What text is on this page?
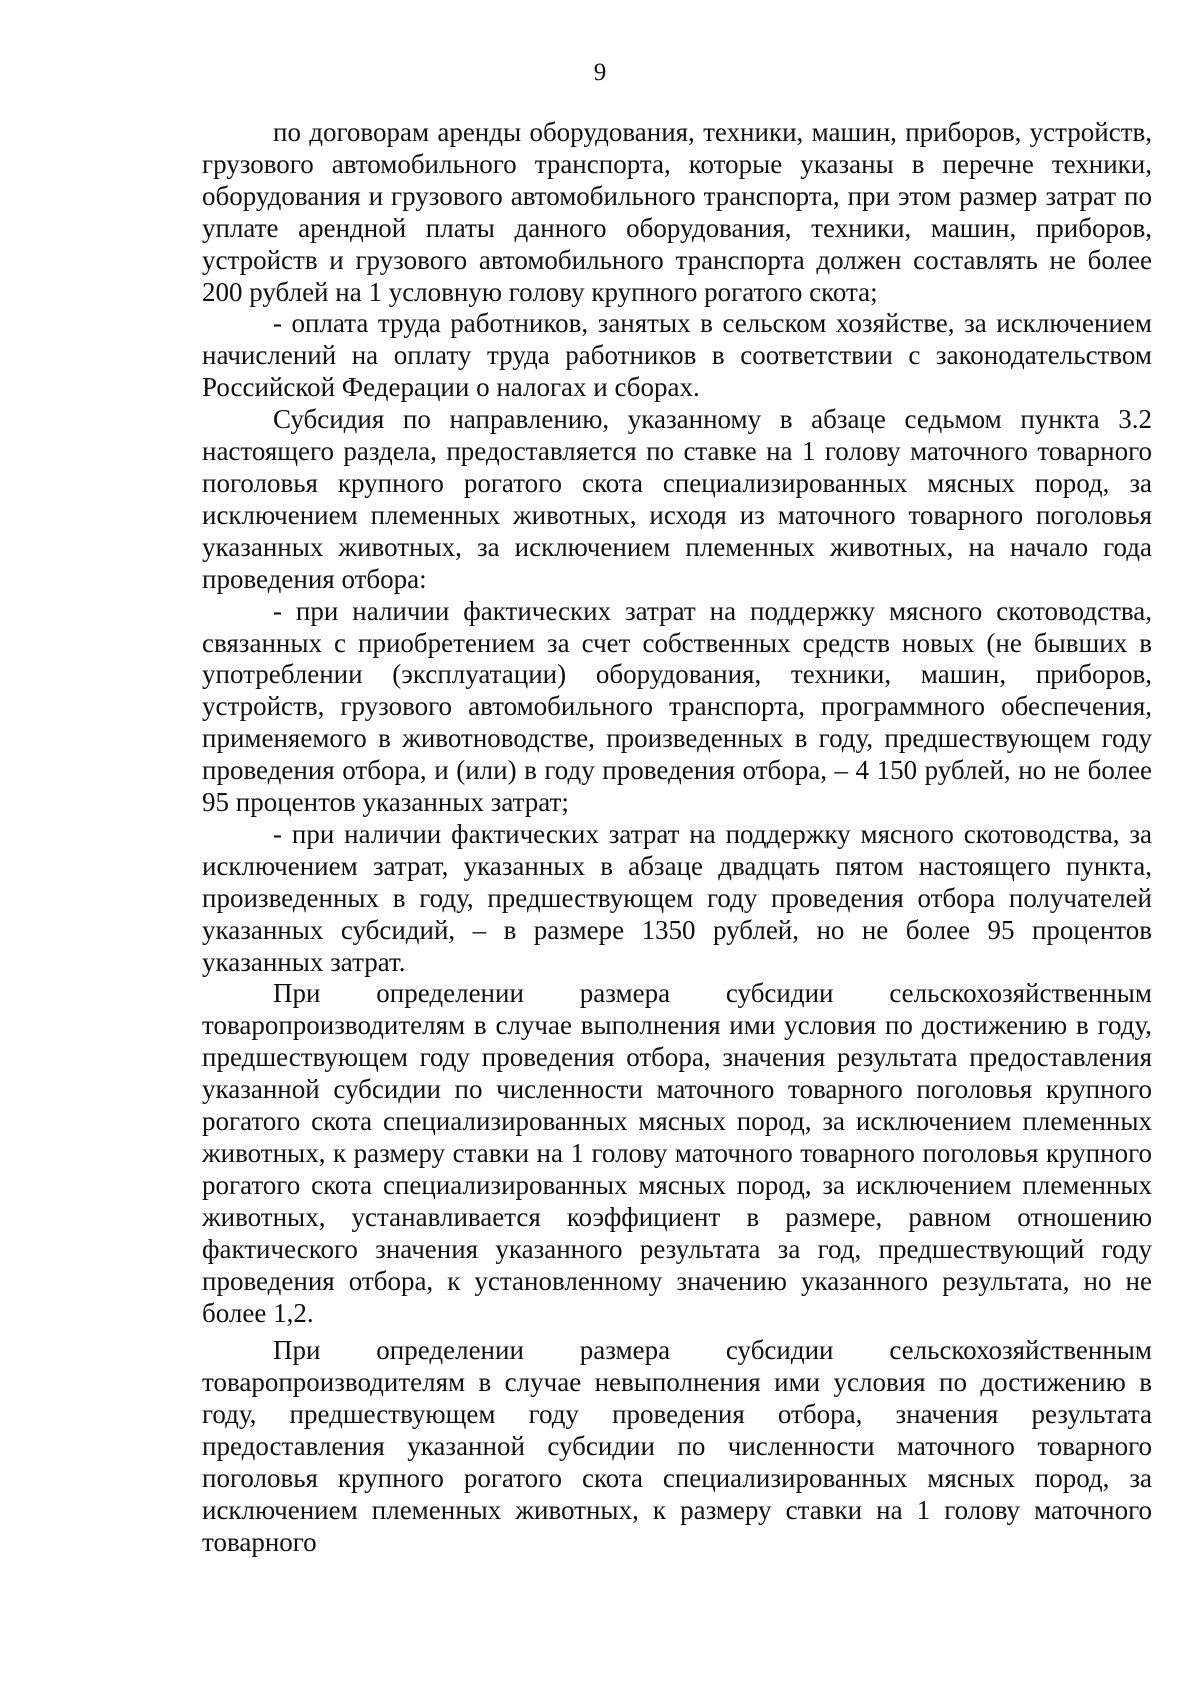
9

по договорам аренды оборудования, техники, машин, приборов, устройств, грузового автомобильного транспорта, которые указаны в перечне техники, оборудования и грузового автомобильного транспорта, при этом размер затрат по уплате арендной платы данного оборудования, техники, машин, приборов, устройств и грузового автомобильного транспорта должен составлять не более 200 рублей на 1 условную голову крупного рогатого скота;

- оплата труда работников, занятых в сельском хозяйстве, за исключением начислений на оплату труда работников в соответствии с законодательством Российской Федерации о налогах и сборах.

Субсидия по направлению, указанному в абзаце седьмом пункта 3.2 настоящего раздела, предоставляется по ставке на 1 голову маточного товарного поголовья крупного рогатого скота специализированных мясных пород, за исключением племенных животных, исходя из маточного товарного поголовья указанных животных, за исключением племенных животных, на начало года проведения отбора:

- при наличии фактических затрат на поддержку мясного скотоводства, связанных с приобретением за счет собственных средств новых (не бывших в употреблении (эксплуатации) оборудования, техники, машин, приборов, устройств, грузового автомобильного транспорта, программного обеспечения, применяемого в животноводстве, произведенных в году, предшествующем году проведения отбора, и (или) в году проведения отбора, – 4 150 рублей, но не более 95 процентов указанных затрат;

- при наличии фактических затрат на поддержку мясного скотоводства, за исключением затрат, указанных в абзаце двадцать пятом настоящего пункта, произведенных в году, предшествующем году проведения отбора получателей указанных субсидий, – в размере 1350 рублей, но не более 95 процентов указанных затрат.

При определении размера субсидии сельскохозяйственным товаропроизводителям в случае выполнения ими условия по достижению в году, предшествующем году проведения отбора, значения результата предоставления указанной субсидии по численности маточного товарного поголовья крупного рогатого скота специализированных мясных пород, за исключением племенных животных, к размеру ставки на 1 голову маточного товарного поголовья крупного рогатого скота специализированных мясных пород, за исключением племенных животных, устанавливается коэффициент в размере, равном отношению фактического значения указанного результата за год, предшествующий году проведения отбора, к установленному значению указанного результата, но не более 1,2.

При определении размера субсидии сельскохозяйственным товаропроизводителям в случае невыполнения ими условия по достижению в году, предшествующем году проведения отбора, значения результата предоставления указанной субсидии по численности маточного товарного поголовья крупного рогатого скота специализированных мясных пород, за исключением племенных животных, к размеру ставки на 1 голову маточного товарного
